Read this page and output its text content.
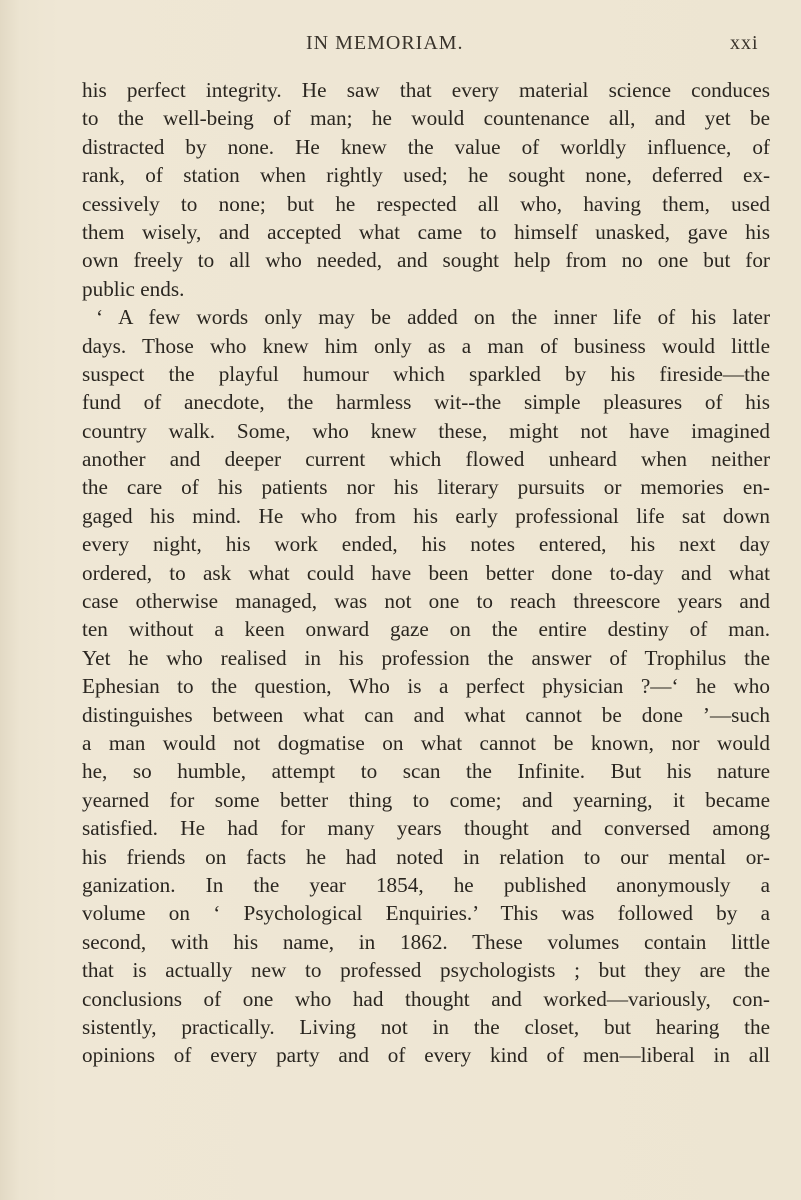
IN MEMORIAM.	xxi
his perfect integrity. He saw that every material science conduces
to the well-being of man; he would countenance all, and yet be
distracted by none. He knew the value of worldly influence, of
rank, of station when rightly used; he sought none, deferred ex-
cessively to none; but he respected all who, having them, used
them wisely, and accepted what came to himself unasked, gave his
own freely to all who needed, and sought help from no one but for
public ends.
‘ A few words only may be added on the inner life of his later
days. Those who knew him only as a man of business would little
suspect the playful humour which sparkled by his fireside—the
fund of anecdote, the harmless wit--the simple pleasures of his
country walk. Some, who knew these, might not have imagined
another and deeper current which flowed unheard when neither
the care of his patients nor his literary pursuits or memories en-
gaged his mind. He who from his early professional life sat down
every night, his work ended, his notes entered, his next day
ordered, to ask what could have been better done to-day and what
case otherwise managed, was not one to reach threescore years and
ten without a keen onward gaze on the entire destiny of man.
Yet he who realised in his profession the answer of Trophilus the
Ephesian to the question, Who is a perfect physician ?—‘ he who
distinguishes between what can and what cannot be done ’—such
a man would not dogmatise on what cannot be known, nor would
he, so humble, attempt to scan the Infinite. But his nature
yearned for some better thing to come; and yearning, it became
satisfied. He had for many years thought and conversed among
his friends on facts he had noted in relation to our mental or-
ganization. In the year 1854, he published anonymously a
volume on ‘ Psychological Enquiries.’ This was followed by a
second, with his name, in 1862. These volumes contain little
that is actually new to professed psychologists ; but they are the
conclusions of one who had thought and worked—variously, con-
sistently, practically. Living not in the closet, but hearing the
opinions of every party and of every kind of men—liberal in all
